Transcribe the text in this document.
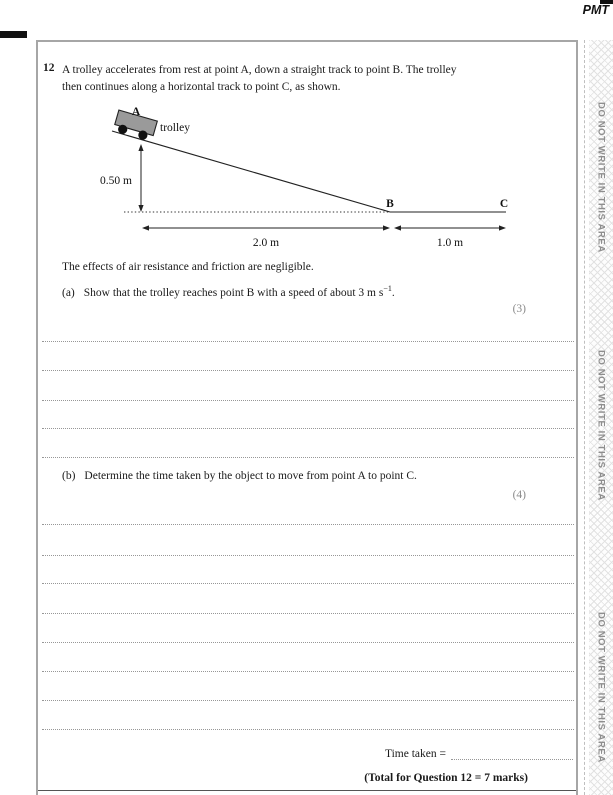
PMT
12 A trolley accelerates from rest at point A, down a straight track to point B. The trolley
then continues along a horizontal track to point C, as shown.
A
trolley
0.50 m
B	C
2.0 m	1.0 m
The effects of air resistance and friction are negligible.
(a) Show that the trolley reaches point B with a speed of about 3 m $s^{-1}$.
(3)
(b) Determine the time taken by the object to move from point A to point C.
(4)
Time taken =
(Total for Question 12 = 7 marks)
DO NOT WRITE IN THIS AREA
DO NOT WRITE IN THIS AREA
DO NOT WRITE IN THIS AREA
